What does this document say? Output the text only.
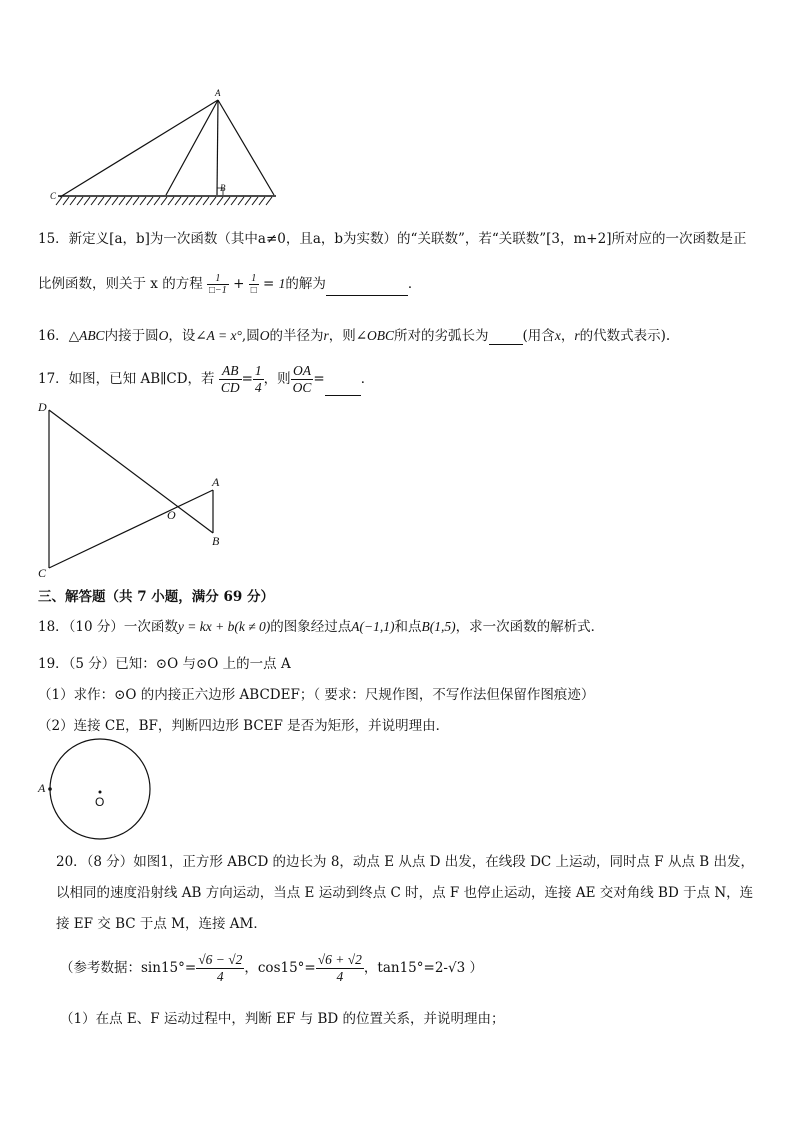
A
B
C
15．新定义[a，b]为一次函数（其中a≠0，且a，b为实数）的“关联数”，若“关联数”[3，m+2]所对应的一次函数是正
比例函数，则关于 x 的方程 $\frac{1}{□-1} + \frac{1}{□} = 1$的解为	．
16．△ABC内接于圆O，设∠A = x°,圆O的半径为r，则∠OBC所对的劣弧长为	(用含x，r的代数式表示).
17．如图，已知 AB∥CD，若 $\frac{AB}{CD} = \frac{1}{4}$ ，则 $\frac{OA}{OC}$ =	．
D
A
O
B
C
三、解答题（共 7 小题，满分 69 分）
18．（10 分）一次函数y = kx + b(k ≠ 0)的图象经过点A(−1,1)和点B(1,5)，求一次函数的解析式．
19．（5 分）已知：⊙O 与⊙O 上的一点 A
（1）求作：⊙O 的内接正六边形 ABCDEF；（ 要求：尺规作图，不写作法但保留作图痕迹）
（2）连接 CE，BF，判断四边形 BCEF 是否为矩形，并说明理由．
A
O
20．（8 分）如图1，正方形 ABCD 的边长为 8，动点 E 从点 D 出发，在线段 DC 上运动，同时点 F 从点 B 出发，
以相同的速度沿射线 AB 方向运动，当点 E 运动到终点 C 时，点 F 也停止运动，连接 AE 交对角线 BD 于点 N，连
接 EF 交 BC 于点 M，连接 AM．
（参考数据：$\sin 15^\circ= \frac{√6 - √2}{4}$ ，$\cos 15^\circ= \frac{√6 + √2}{4}$ ，tan15°=2-√3 ）
（1）在点 E、F 运动过程中，判断 EF 与 BD 的位置关系，并说明理由；
